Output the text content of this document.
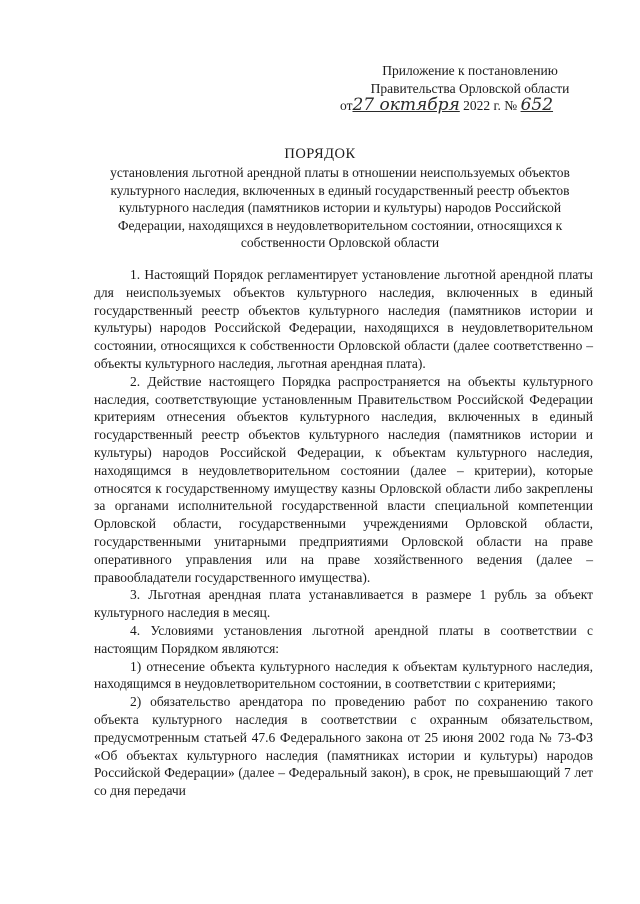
Приложение к постановлению
Правительства Орловской области
от27 октября 2022 г. № 652
ПОРЯДОК
установления льготной арендной платы в отношении неиспользуемых объектов культурного наследия, включенных в единый государственный реестр объектов культурного наследия (памятников истории и культуры) народов Российской Федерации, находящихся в неудовлетворительном состоянии, относящихся к собственности Орловской области

1. Настоящий Порядок регламентирует установление льготной арендной платы для неиспользуемых объектов культурного наследия, включенных в единый государственный реестр объектов культурного наследия (памятников истории и культуры) народов Российской Федерации, находящихся в неудовлетворительном состоянии, относящихся к собственности Орловской области (далее соответственно – объекты культурного наследия, льготная арендная плата).

2. Действие настоящего Порядка распространяется на объекты культурного наследия, соответствующие установленным Правительством Российской Федерации критериям отнесения объектов культурного наследия, включенных в единый государственный реестр объектов культурного наследия (памятников истории и культуры) народов Российской Федерации, к объектам культурного наследия, находящимся в неудовлетворительном состоянии (далее – критерии), которые относятся к государственному имуществу казны Орловской области либо закреплены за органами исполнительной государственной власти специальной компетенции Орловской области, государственными учреждениями Орловской области, государственными унитарными предприятиями Орловской области на праве оперативного управления или на праве хозяйственного ведения (далее – правообладатели государственного имущества).

3. Льготная арендная плата устанавливается в размере 1 рубль за объект культурного наследия в месяц.

4. Условиями установления льготной арендной платы в соответствии с настоящим Порядком являются:

1) отнесение объекта культурного наследия к объектам культурного наследия, находящимся в неудовлетворительном состоянии, в соответствии с критериями;

2) обязательство арендатора по проведению работ по сохранению такого объекта культурного наследия в соответствии с охранным обязательством, предусмотренным статьей 47.6 Федерального закона от 25 июня 2002 года № 73-ФЗ «Об объектах культурного наследия (памятниках истории и культуры) народов Российской Федерации» (далее – Федеральный закон), в срок, не превышающий 7 лет со дня передачи
